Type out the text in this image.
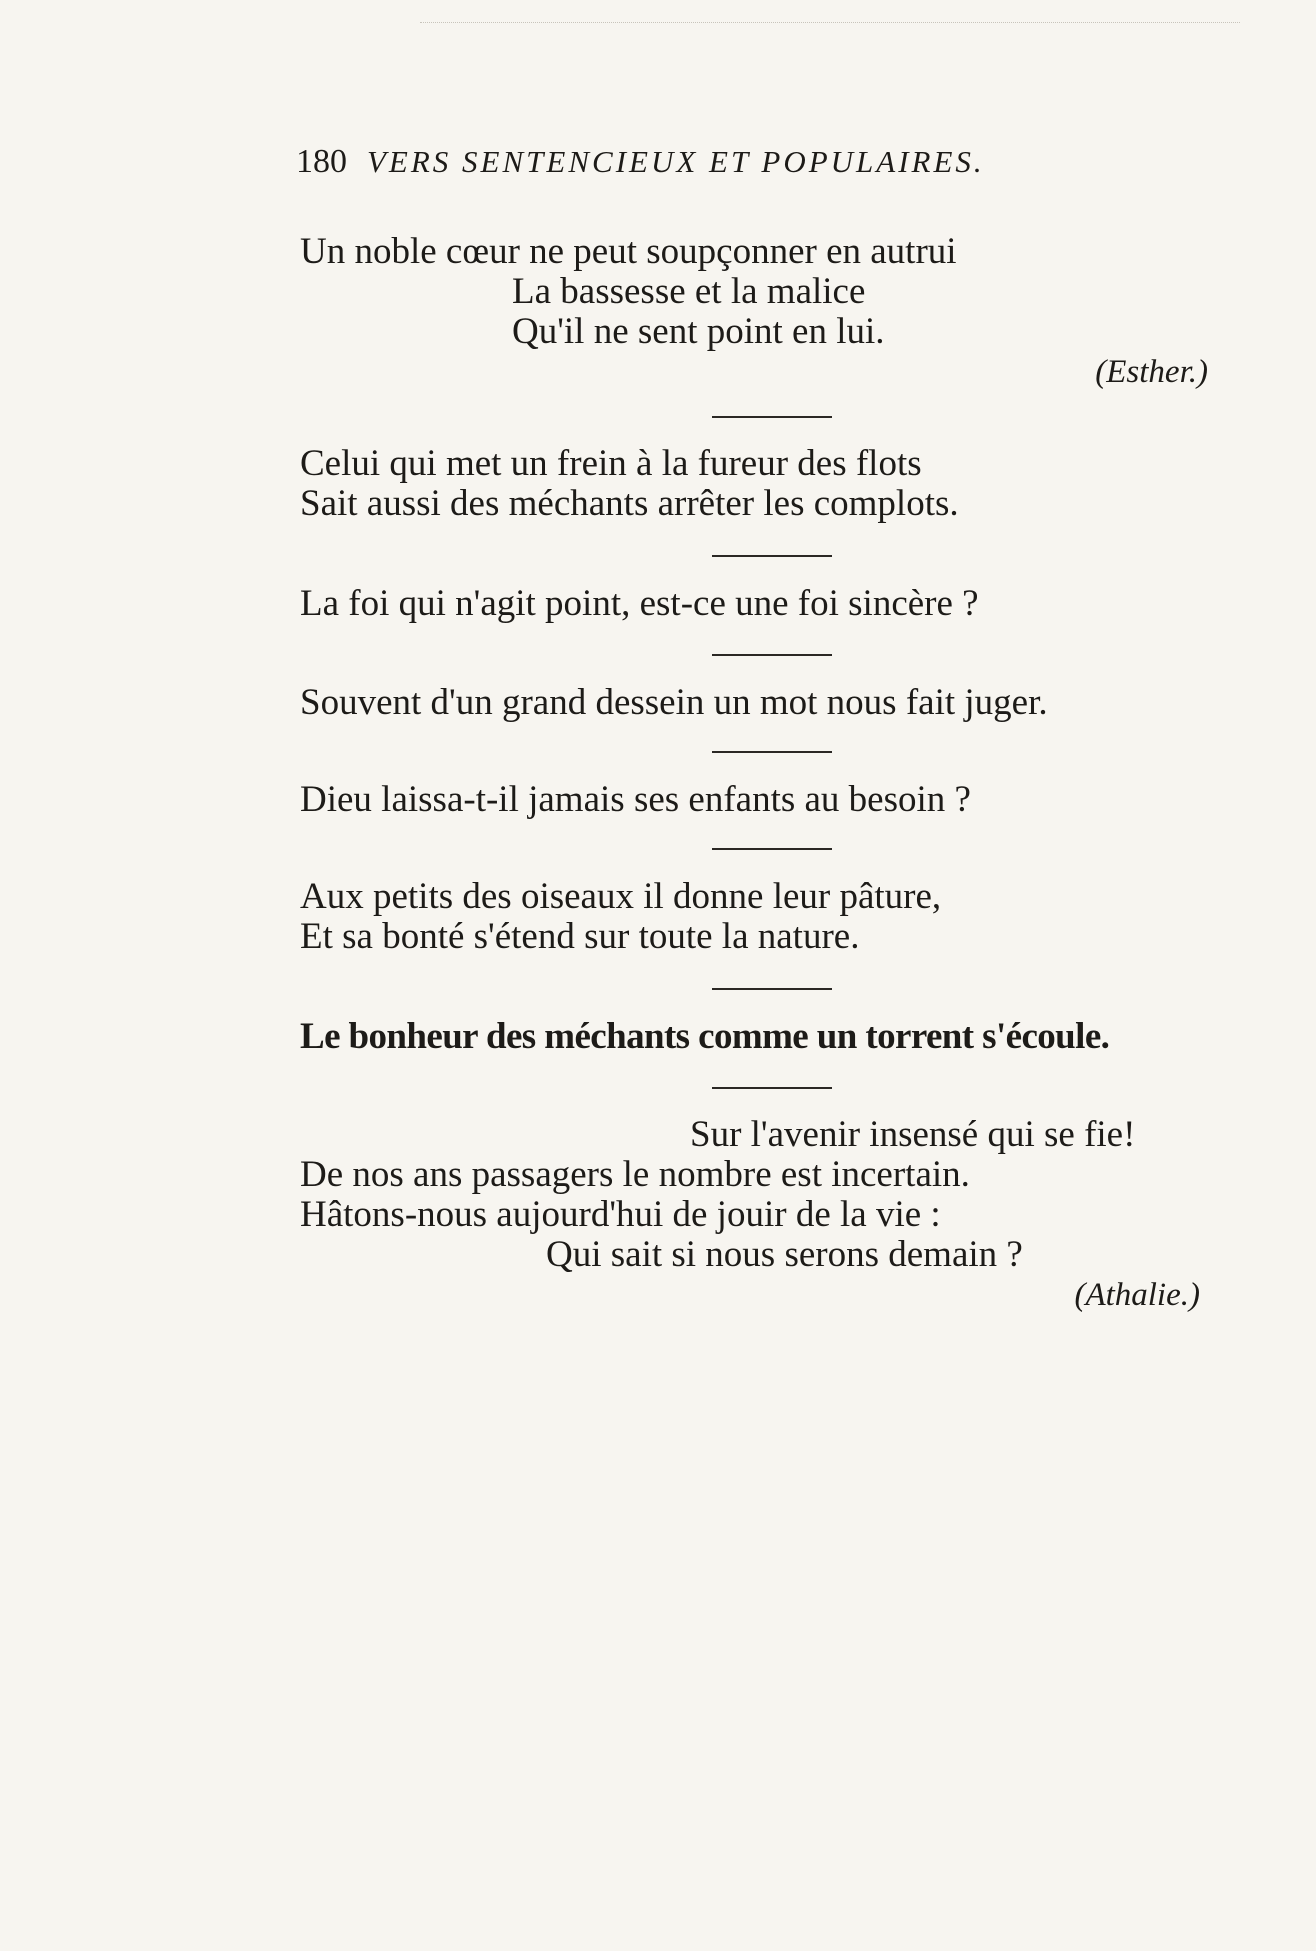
180 VERS SENTENCIEUX ET POPULAIRES.
Un noble cœur ne peut soupçonner en autrui
La bassesse et la malice
Qu'il ne sent point en lui.
(Esther.)
Celui qui met un frein à la fureur des flots
Sait aussi des méchants arrêter les complots.
La foi qui n'agit point, est-ce une foi sincère ?
Souvent d'un grand dessein un mot nous fait juger.
Dieu laissa-t-il jamais ses enfants au besoin ?
Aux petits des oiseaux il donne leur pâture,
Et sa bonté s'étend sur toute la nature.
Le bonheur des méchants comme un torrent s'écoule.
Sur l'avenir insensé qui se fie!
De nos ans passagers le nombre est incertain.
Hâtons-nous aujourd'hui de jouir de la vie :
Qui sait si nous serons demain ?
(Athalie.)
